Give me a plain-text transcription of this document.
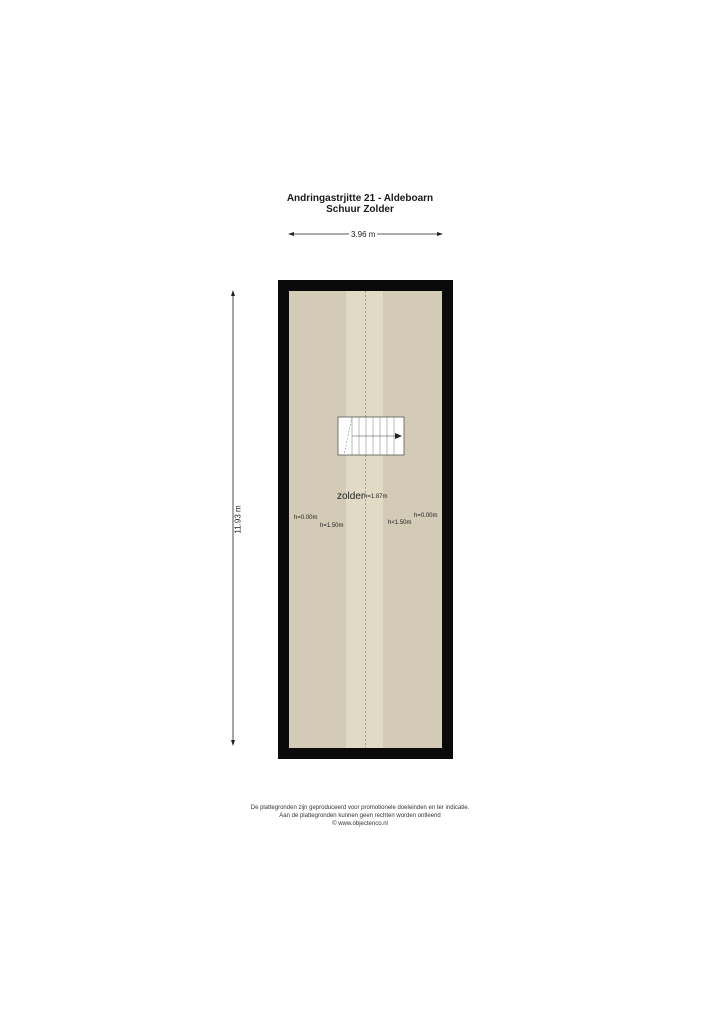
Andringastrjitte 21 - Aldeboarn
Schuur Zolder
3.96 m
11.93 m
zolder h=1.87m
h=0.00m
h=1.50m
h=0.00m
h<1.50m
De plattegronden zijn geproduceerd voor promotionele doeleinden en ter indicatie.
Aan de plattegronden kunnen geen rechten worden ontleend
© www.objectenco.nl
